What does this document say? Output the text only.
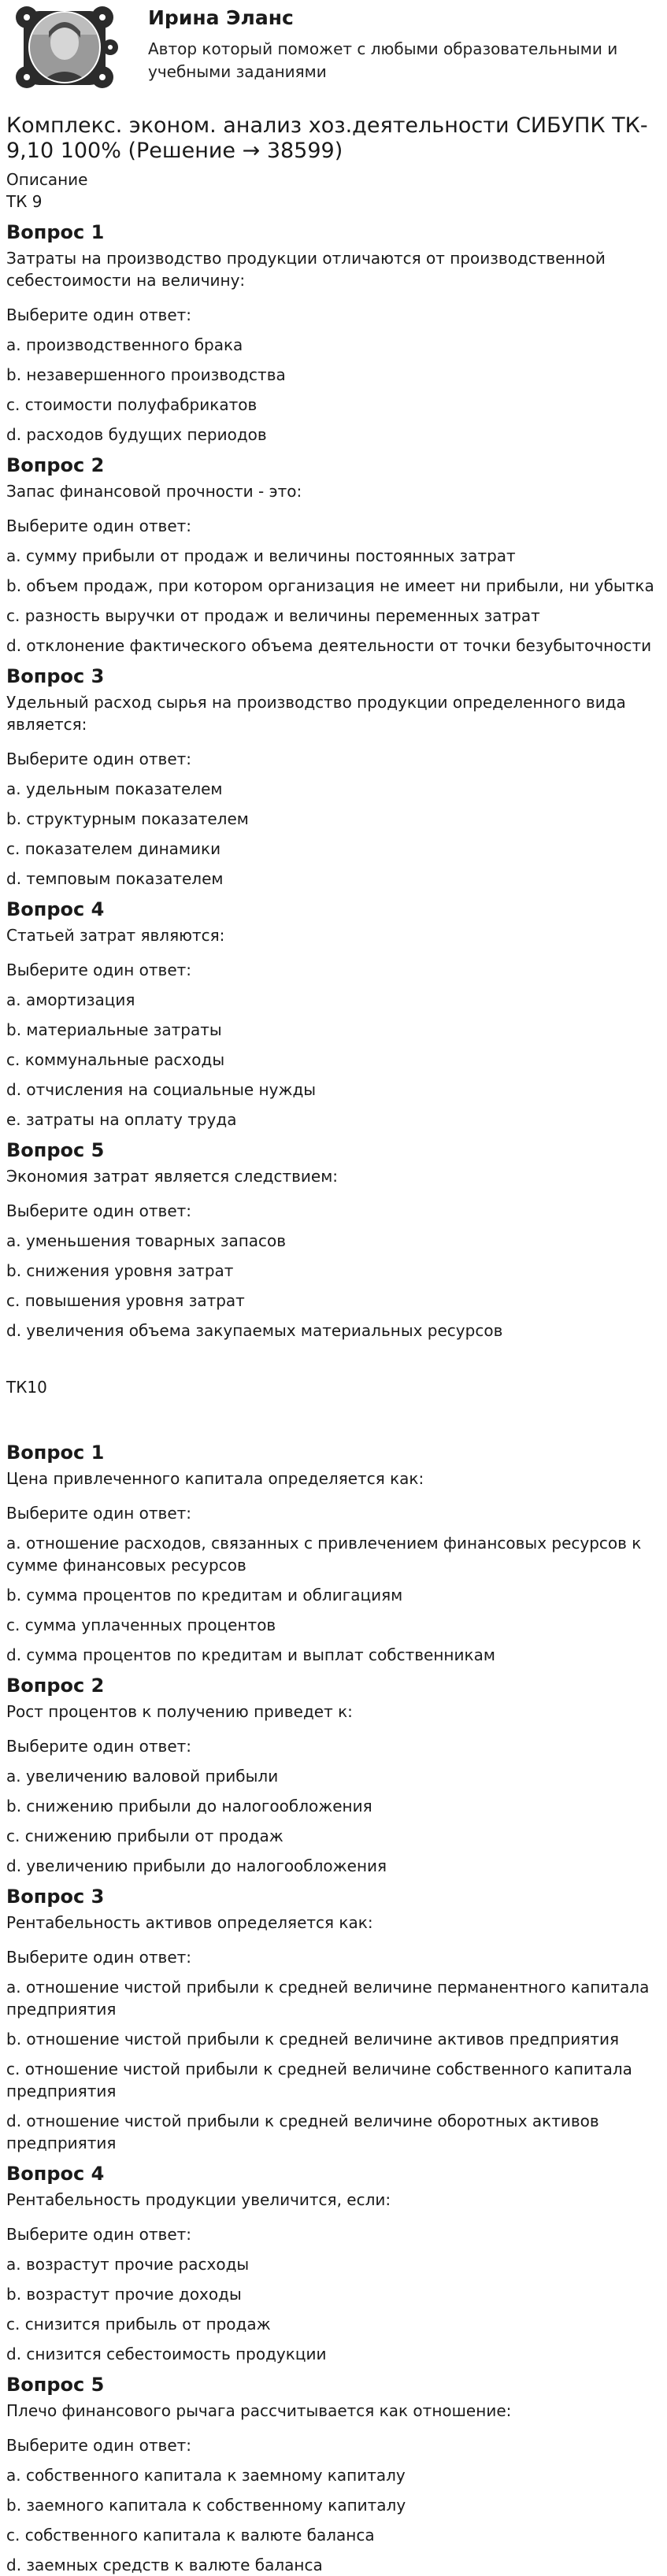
Ирина Эланс
Автор который поможет с любыми образовательными и учебными заданиями
Комплекс. эконом. анализ хоз.деятельности СИБУПК ТК- 9,10 100% (Решение → 38599)
Описание
ТК 9
Вопрос 1
Затраты на производство продукции отличаются от производственной себестоимости на величину:
Выберите один ответ:
a. производственного брака
b. незавершенного производства
c. стоимости полуфабрикатов
d. расходов будущих периодов
Вопрос 2
Запас финансовой прочности - это:
Выберите один ответ:
a. сумму прибыли от продаж и величины постоянных затрат
b. объем продаж, при котором организация не имеет ни прибыли, ни убытка
c. разность выручки от продаж и величины переменных затрат
d. отклонение фактического объема деятельности от точки безубыточности
Вопрос 3
Удельный расход сырья на производство продукции определенного вида является:
Выберите один ответ:
a. удельным показателем
b. структурным показателем
c. показателем динамики
d. темповым показателем
Вопрос 4
Статьей затрат являются:
Выберите один ответ:
a. амортизация
b. материальные затраты
c. коммунальные расходы
d. отчисления на социальные нужды
e. затраты на оплату труда
Вопрос 5
Экономия затрат является следствием:
Выберите один ответ:
a. уменьшения товарных запасов
b. снижения уровня затрат
c. повышения уровня затрат
d. увеличения объема закупаемых материальных ресурсов
ТК10
Вопрос 1
Цена привлеченного капитала определяется как:
Выберите один ответ:
a. отношение расходов, связанных с привлечением финансовых ресурсов к сумме финансовых ресурсов
b. сумма процентов по кредитам и облигациям
c. сумма уплаченных процентов
d. сумма процентов по кредитам и выплат собственникам
Вопрос 2
Рост процентов к получению приведет к:
Выберите один ответ:
a. увеличению валовой прибыли
b. снижению прибыли до налогообложения
c. снижению прибыли от продаж
d. увеличению прибыли до налогообложения
Вопрос 3
Рентабельность активов определяется как:
Выберите один ответ:
a. отношение чистой прибыли к средней величине перманентного капитала предприятия
b. отношение чистой прибыли к средней величине активов предприятия
c. отношение чистой прибыли к средней величине собственного капитала предприятия
d. отношение чистой прибыли к средней величине оборотных активов предприятия
Вопрос 4
Рентабельность продукции увеличится, если:
Выберите один ответ:
a. возрастут прочие расходы
b. возрастут прочие доходы
c. снизится прибыль от продаж
d. снизится себестоимость продукции
Вопрос 5
Плечо финансового рычага рассчитывается как отношение:
Выберите один ответ:
a. собственного капитала к заемному капиталу
b. заемного капитала к собственному капиталу
c. собственного капитала к валюте баланса
d. заемных средств к валюте баланса
